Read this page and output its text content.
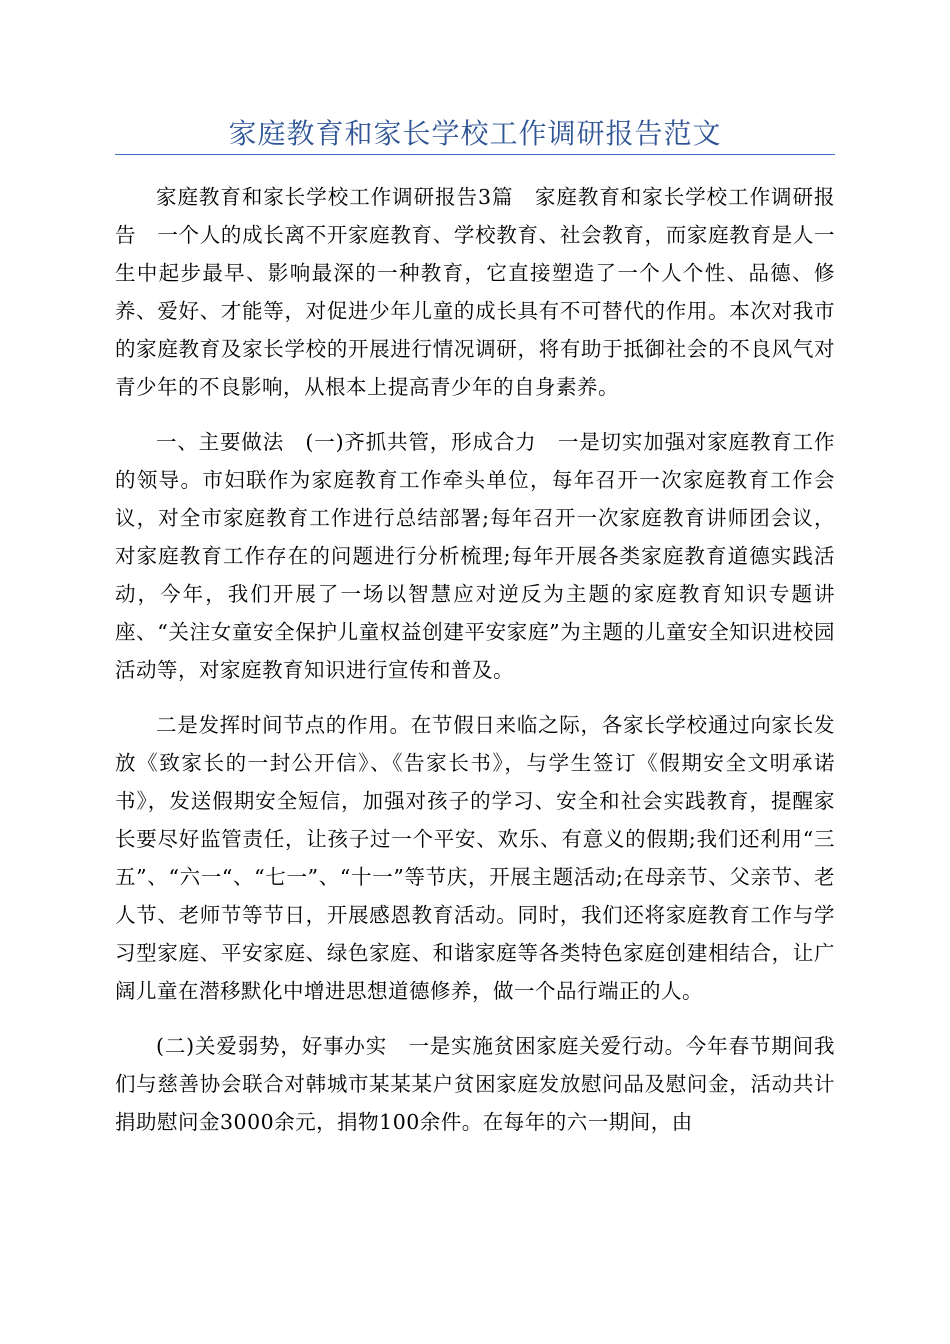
家庭教育和家长学校工作调研报告范文

家庭教育和家长学校工作调研报告3篇　家庭教育和家长学校工作调研报告　一个人的成长离不开家庭教育、学校教育、社会教育，而家庭教育是人一生中起步最早、影响最深的一种教育，它直接塑造了一个人个性、品德、修养、爱好、才能等，对促进少年儿童的成长具有不可替代的作用。本次对我市的家庭教育及家长学校的开展进行情况调研，将有助于抵御社会的不良风气对青少年的不良影响，从根本上提高青少年的自身素养。

一、主要做法　(一)齐抓共管，形成合力　一是切实加强对家庭教育工作的领导。市妇联作为家庭教育工作牵头单位，每年召开一次家庭教育工作会议，对全市家庭教育工作进行总结部署;每年召开一次家庭教育讲师团会议，对家庭教育工作存在的问题进行分析梳理;每年开展各类家庭教育道德实践活动，今年，我们开展了一场以智慧应对逆反为主题的家庭教育知识专题讲座、“关注女童安全保护儿童权益创建平安家庭”为主题的儿童安全知识进校园活动等，对家庭教育知识进行宣传和普及。

二是发挥时间节点的作用。在节假日来临之际，各家长学校通过向家长发放《致家长的一封公开信》、《告家长书》，与学生签订《假期安全文明承诺书》，发送假期安全短信，加强对孩子的学习、安全和社会实践教育，提醒家长要尽好监管责任，让孩子过一个平安、欢乐、有意义的假期;我们还利用“三五”、“六一“、“七一”、“十一”等节庆，开展主题活动;在母亲节、父亲节、老人节、老师节等节日，开展感恩教育活动。同时，我们还将家庭教育工作与学习型家庭、平安家庭、绿色家庭、和谐家庭等各类特色家庭创建相结合，让广阔儿童在潜移默化中增进思想道德修养，做一个品行端正的人。

(二)关爱弱势，好事办实　一是实施贫困家庭关爱行动。今年春节期间我们与慈善协会联合对韩城市某某某户贫困家庭发放慰问品及慰问金，活动共计捐助慰问金3000余元，捐物100余件。在每年的六一期间，由
